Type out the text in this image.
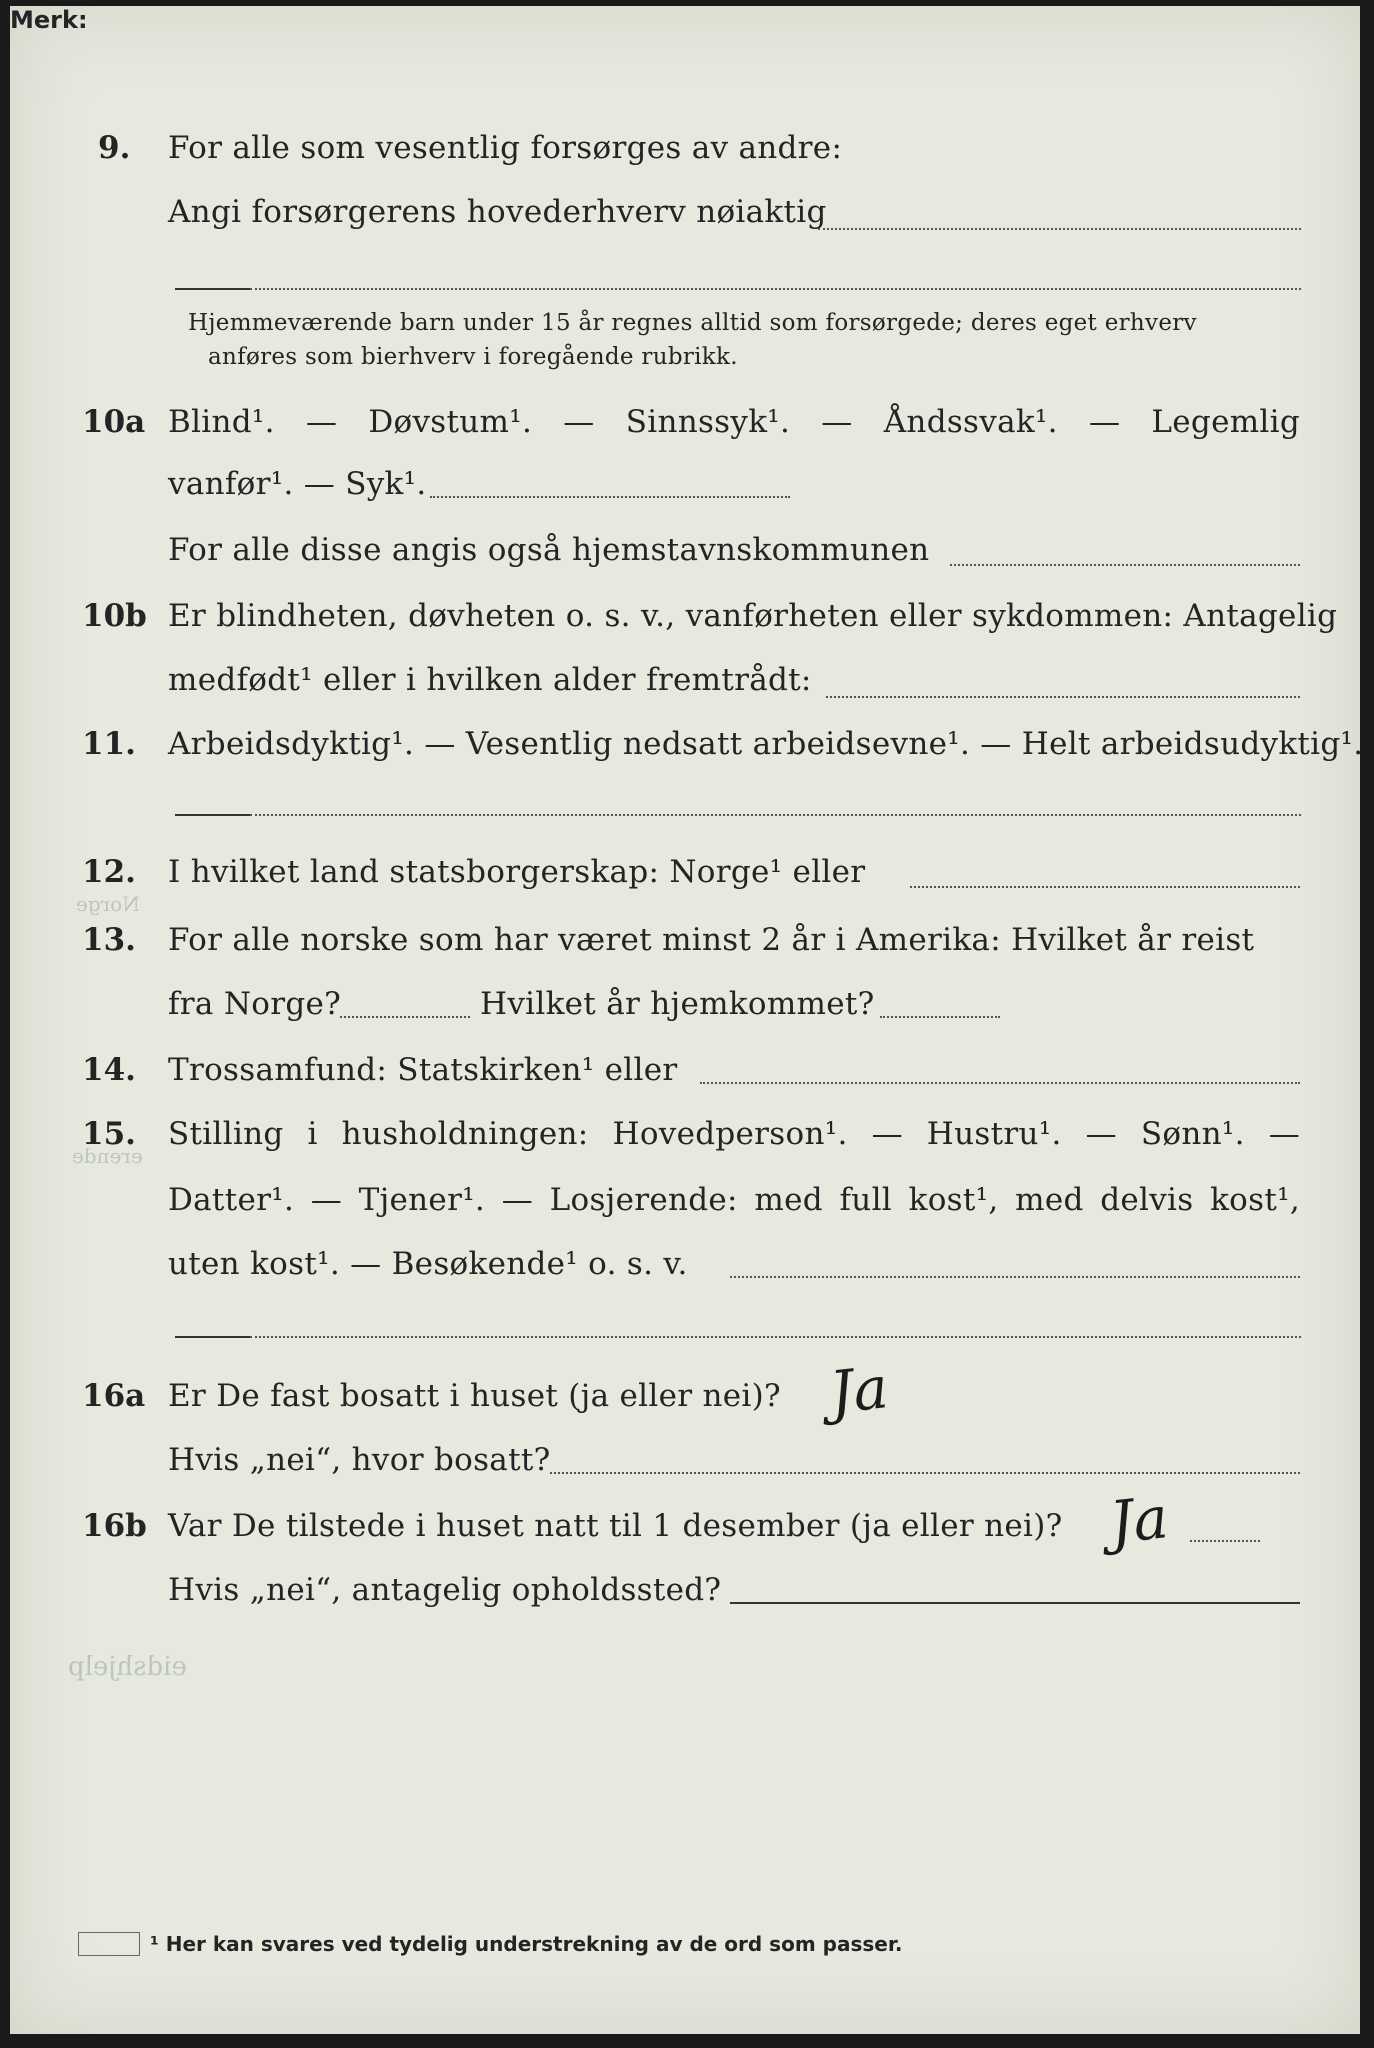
9. For alle som vesentlig forsørges av andre:
Angi forsørgerens hovederhverv nøiaktig
Merk:
Hjemmeværende barn under 15 år regnes alltid som forsørgede; deres eget erhverv
anføres som bierhverv i foregående rubrikk.
10a Blind¹. — Døvstum¹. — Sinnssyk¹. — Åndssvak¹. — Legemlig
vanfør¹. — Syk¹.
For alle disse angis også hjemstavnskommunen
10b Er blindheten, døvheten o. s. v., vanførheten eller sykdommen: Antagelig
medfødt¹ eller i hvilken alder fremtrådt:
11. Arbeidsdyktig¹. — Vesentlig nedsatt arbeidsevne¹. — Helt arbeidsudyktig¹.
12. I hvilket land statsborgerskap: Norge¹ eller
13. For alle norske som har været minst 2 år i Amerika: Hvilket år reist
fra Norge?	Hvilket år hjemkommet?
14. Trossamfund: Statskirken¹ eller
15. Stilling i husholdningen: Hovedperson¹. — Hustru¹. — Sønn¹. —
Datter¹. — Tjener¹. — Losjerende: med full kost¹, med delvis kost¹,
uten kost¹. — Besøkende¹ o. s. v.
16a Er De fast bosatt i huset (ja eller nei)? Ja
Hvis „nei“, hvor bosatt?
16b Var De tilstede i huset natt til 1 desember (ja eller nei)? Ja
Hvis „nei“, antagelig opholdssted?
Norge
erende
eidshjelp
¹ Her kan svares ved tydelig understrekning av de ord som passer.
